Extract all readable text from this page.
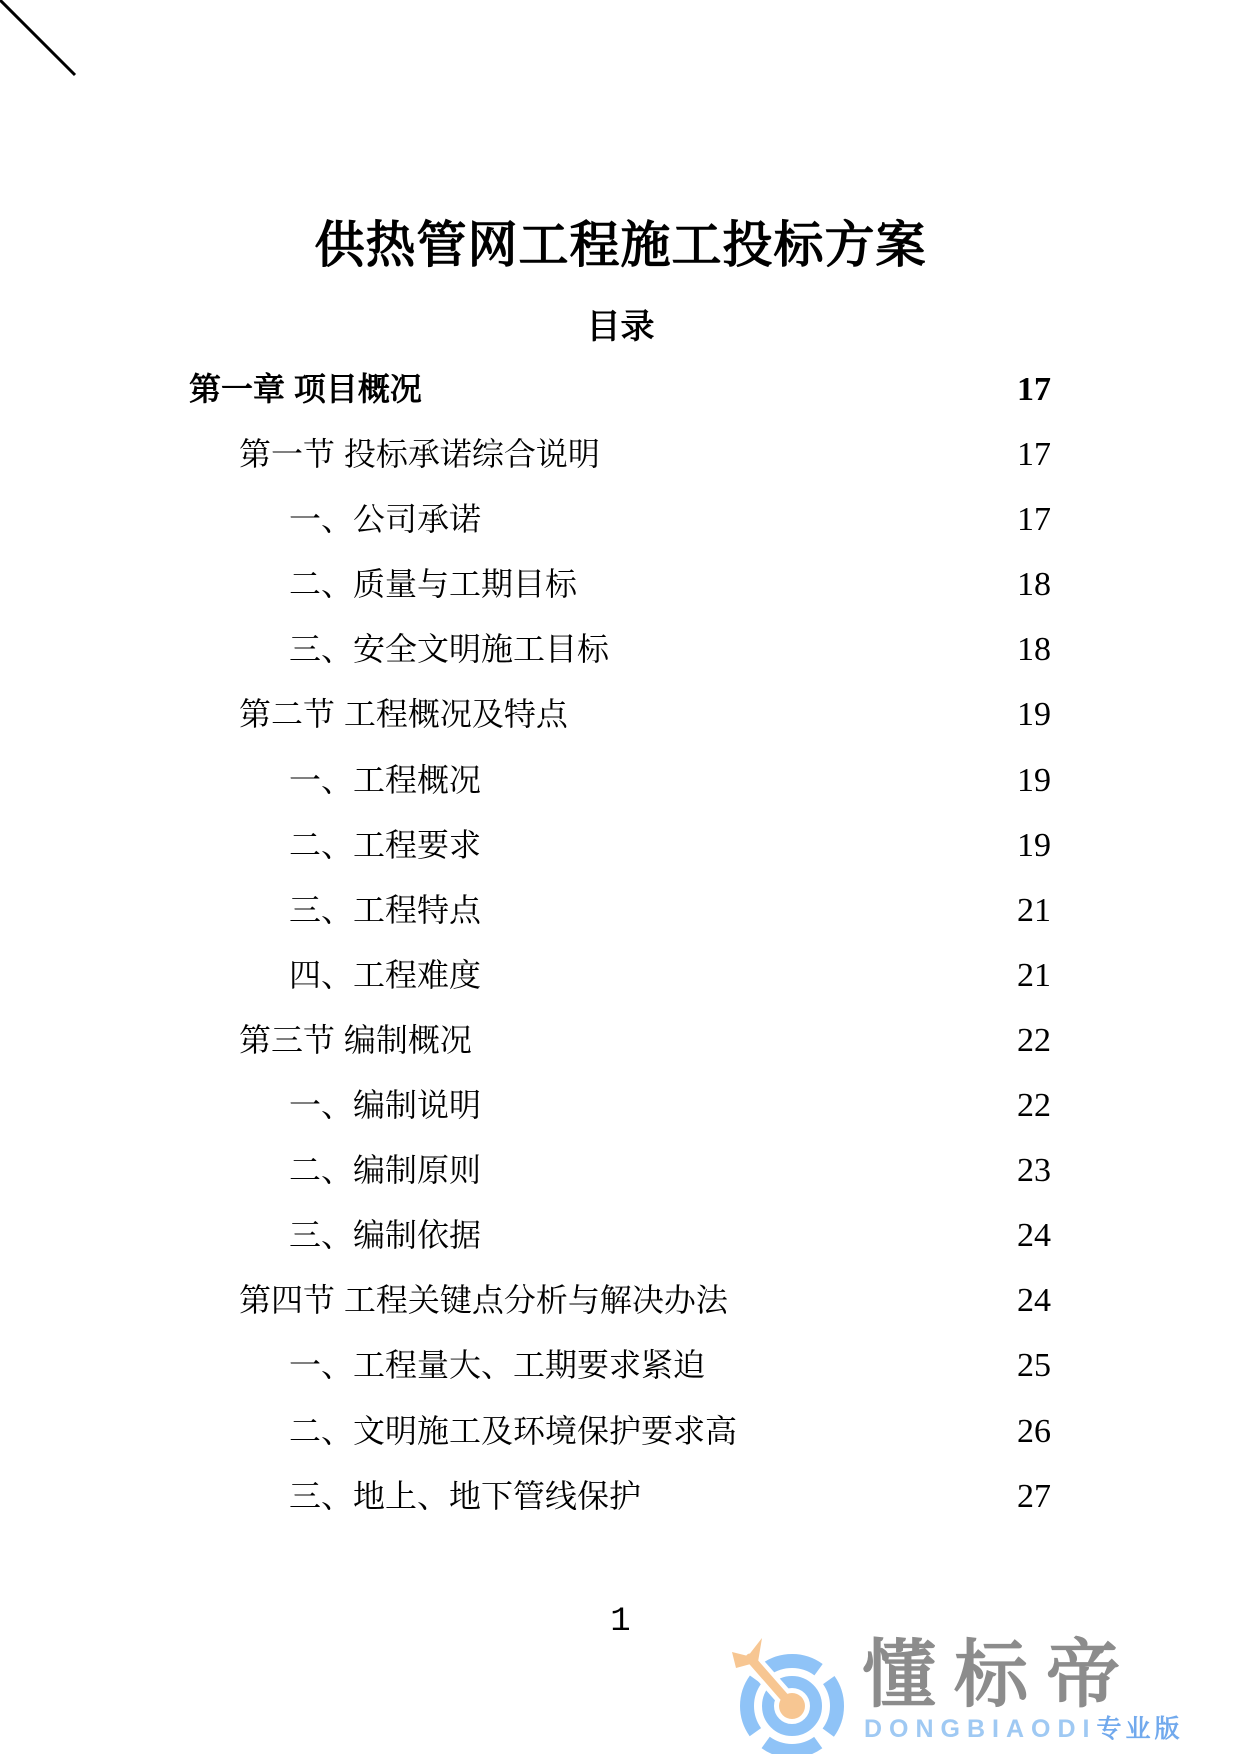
供热管网工程施工投标方案
目录
第一章 项目概况	17
第一节 投标承诺综合说明	17
一、公司承诺	17
二、质量与工期目标	18
三、安全文明施工目标	18
第二节 工程概况及特点	19
一、工程概况	19
二、工程要求	19
三、工程特点	21
四、工程难度	21
第三节 编制概况	22
一、编制说明	22
二、编制原则	23
三、编制依据	24
第四节 工程关键点分析与解决办法	24
一、工程量大、工期要求紧迫	25
二、文明施工及环境保护要求高	26
三、地上、地下管线保护	27
1

懂标帝

DONGBIAODI专业版
